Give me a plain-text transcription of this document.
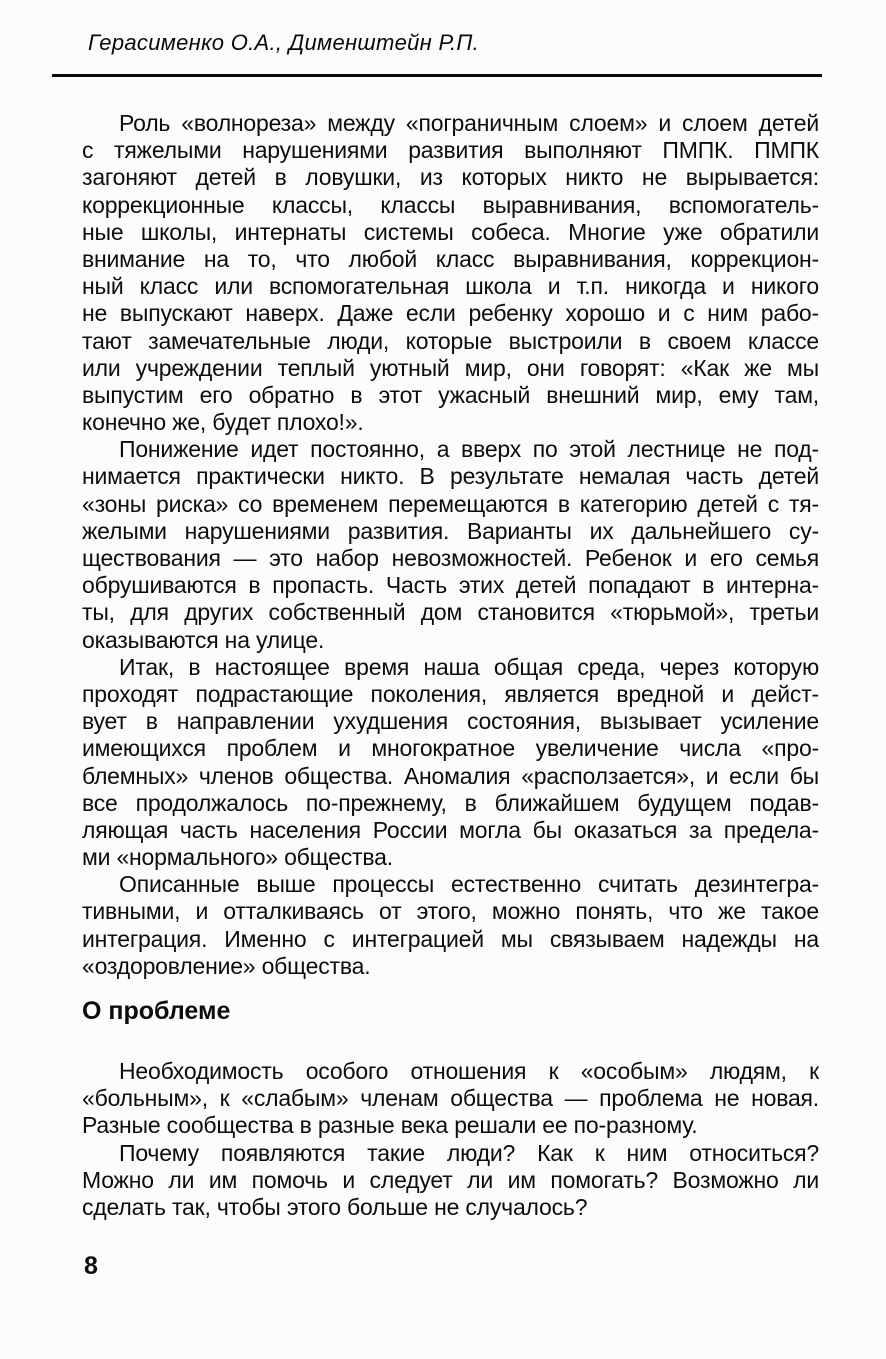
Герасименко О.А., Дименштейн Р.П.
Роль «волнореза» между «пограничным слоем» и слоем детей
с тяжелыми нарушениями развития выполняют ПМПК. ПМПК
загоняют детей в ловушки, из которых никто не вырывается:
коррекционные классы, классы выравнивания, вспомогатель-
ные школы, интернаты системы собеса. Многие уже обратили
внимание на то, что любой класс выравнивания, коррекцион-
ный класс или вспомогательная школа и т.п. никогда и никого
не выпускают наверх. Даже если ребенку хорошо и с ним рабо-
тают замечательные люди, которые выстроили в своем классе
или учреждении теплый уютный мир, они говорят: «Как же мы
выпустим его обратно в этот ужасный внешний мир, ему там,
конечно же, будет плохо!».
Понижение идет постоянно, а вверх по этой лестнице не под-
нимается практически никто. В результате немалая часть детей
«зоны риска» со временем перемещаются в категорию детей с тя-
желыми нарушениями развития. Варианты их дальнейшего су-
ществования — это набор невозможностей. Ребенок и его семья
обрушиваются в пропасть. Часть этих детей попадают в интерна-
ты, для других собственный дом становится «тюрьмой», третьи
оказываются на улице.
Итак, в настоящее время наша общая среда, через которую
проходят подрастающие поколения, является вредной и дейст-
вует в направлении ухудшения состояния, вызывает усиление
имеющихся проблем и многократное увеличение числа «про-
блемных» членов общества. Аномалия «расползается», и если бы
все продолжалось по-прежнему, в ближайшем будущем подав-
ляющая часть населения России могла бы оказаться за предела-
ми «нормального» общества.
Описанные выше процессы естественно считать дезинтегра-
тивными, и отталкиваясь от этого, можно понять, что же такое
интеграция. Именно с интеграцией мы связываем надежды на
«оздоровление» общества.
О проблеме
Необходимость особого отношения к «особым» людям, к
«больным», к «слабым» членам общества — проблема не новая.
Разные сообщества в разные века решали ее по-разному.
Почему появляются такие люди? Как к ним относиться?
Можно ли им помочь и следует ли им помогать? Возможно ли
сделать так, чтобы этого больше не случалось?
8
